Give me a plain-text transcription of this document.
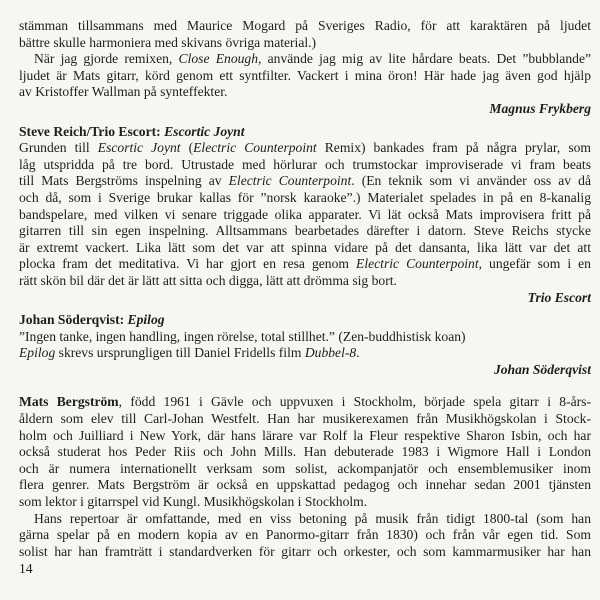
stämman tillsammans med Maurice Mogard på Sveriges Radio, för att karaktären på ljudet
bättre skulle harmoniera med skivans övriga material.)
När jag gjorde remixen, Close Enough, använde jag mig av lite hårdare beats. Det ”bubblande”
ljudet är Mats gitarr, körd genom ett syntfilter. Vackert i mina öron! Här hade jag även god hjälp
av Kristoffer Wallman på synteffekter.
Magnus Frykberg
Steve Reich/Trio Escort: Escortic Joynt
Grunden till Escortic Joynt (Electric Counterpoint Remix) bankades fram på några prylar, som
låg utspridda på tre bord. Utrustade med hörlurar och trumstockar improviserade vi fram beats
till Mats Bergströms inspelning av Electric Counterpoint. (En teknik som vi använder oss av då
och då, som i Sverige brukar kallas för ”norsk karaoke”.) Materialet spelades in på en 8-kanalig
bandspelare, med vilken vi senare triggade olika apparater. Vi lät också Mats improvisera fritt på
gitarren till sin egen inspelning. Alltsammans bearbetades därefter i datorn. Steve Reichs stycke
är extremt vackert. Lika lätt som det var att spinna vidare på det dansanta, lika lätt var det att
plocka fram det meditativa. Vi har gjort en resa genom Electric Counterpoint, ungefär som i en
rätt skön bil där det är lätt att sitta och digga, lätt att drömma sig bort.
Trio Escort
Johan Söderqvist: Epilog
”Ingen tanke, ingen handling, ingen rörelse, total stillhet.” (Zen-buddhistisk koan)
Epilog skrevs ursprungligen till Daniel Fridells film Dubbel-8.
Johan Söderqvist
Mats Bergström, född 1961 i Gävle och uppvuxen i Stockholm, började spela gitarr i 8-års-
åldern som elev till Carl-Johan Westfelt. Han har musikerexamen från Musikhögskolan i Stock-
holm och Juilliard i New York, där hans lärare var Rolf la Fleur respektive Sharon Isbin, och har
också studerat hos Peder Riis och John Mills. Han debuterade 1983 i Wigmore Hall i London
och är numera internationellt verksam som solist, ackompanjatör och ensemblemusiker inom
flera genrer. Mats Bergström är också en uppskattad pedagog och innehar sedan 2001 tjänsten
som lektor i gitarrspel vid Kungl. Musikhögskolan i Stockholm.
Hans repertoar är omfattande, med en viss betoning på musik från tidigt 1800-tal (som han
gärna spelar på en modern kopia av en Panormo-gitarr från 1830) och från vår egen tid. Som
solist har han framträtt i standardverken för gitarr och orkester, och som kammarmusiker har han
14
